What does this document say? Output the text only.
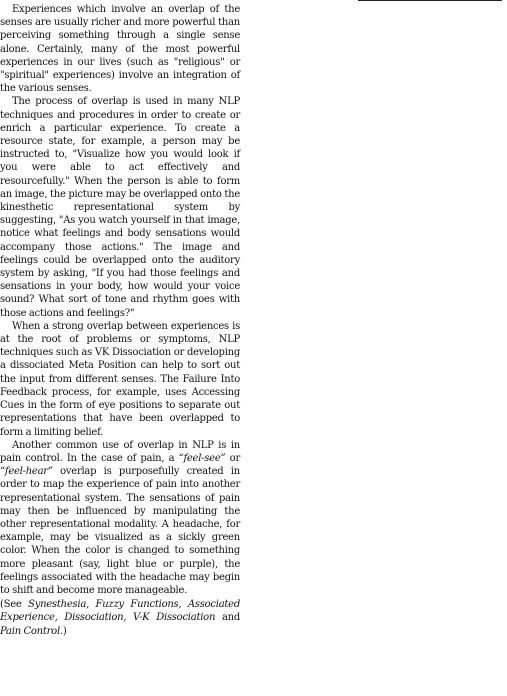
Experiences which involve an overlap of the senses are usually richer and more powerful than perceiving something through a single sense alone. Certainly, many of the most powerful experiences in our lives (such as "religious" or "spiritual" experiences) involve an integration of the various senses.

The process of overlap is used in many NLP techniques and procedures in order to create or enrich a particular experience. To create a resource state, for example, a person may be instructed to, "Visualize how you would look if you were able to act effectively and resourcefully." When the person is able to form an image, the picture may be overlapped onto the kinesthetic representational system by suggesting, "As you watch yourself in that image, notice what feelings and body sensations would accompany those actions." The image and feelings could be overlapped onto the auditory system by asking, "If you had those feelings and sensations in your body, how would your voice sound? What sort of tone and rhythm goes with those actions and feelings?"

When a strong overlap between experiences is at the root of problems or symptoms, NLP techniques such as VK Dissociation or developing a dissociated Meta Position can help to sort out the input from different senses. The Failure Into Feedback process, for example, uses Accessing Cues in the form of eye positions to separate out representations that have been overlapped to form a limiting belief.

Another common use of overlap in NLP is in pain control. In the case of pain, a “feel-see” or “feel-hear” overlap is purposefully created in order to map the experience of pain into another representational system. The sensations of pain may then be influenced by manipulating the other representational modality. A headache, for example, may be visualized as a sickly green color. When the color is changed to something more pleasant (say, light blue or purple), the feelings associated with the headache may begin to shift and become more manageable.

(See Synesthesia, Fuzzy Functions, Associated Experience, Dissociation, V-K Dissociation and Pain Control.)
